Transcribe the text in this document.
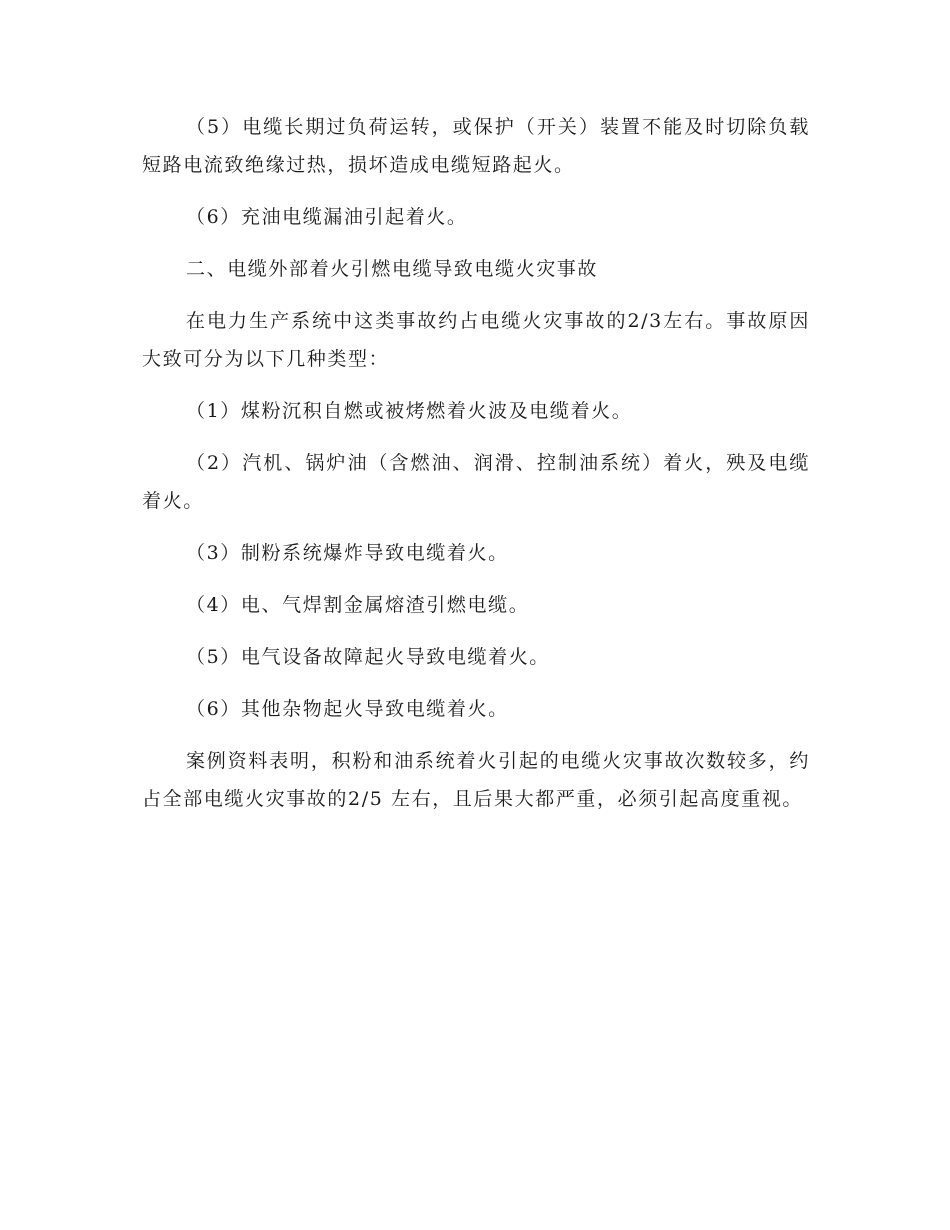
（5）电缆长期过负荷运转，或保护（开关）装置不能及时切除负载短路电流致绝缘过热，损坏造成电缆短路起火。

（6）充油电缆漏油引起着火。

二、电缆外部着火引燃电缆导致电缆火灾事故

在电力生产系统中这类事故约占电缆火灾事故的2/3左右。事故原因大致可分为以下几种类型：

（1）煤粉沉积自燃或被烤燃着火波及电缆着火。

（2）汽机、锅炉油（含燃油、润滑、控制油系统）着火，殃及电缆着火。

（3）制粉系统爆炸导致电缆着火。

（4）电、气焊割金属熔渣引燃电缆。

（5）电气设备故障起火导致电缆着火。

（6）其他杂物起火导致电缆着火。

案例资料表明，积粉和油系统着火引起的电缆火灾事故次数较多，约占全部电缆火灾事故的2/5 左右，且后果大都严重，必须引起高度重视。
